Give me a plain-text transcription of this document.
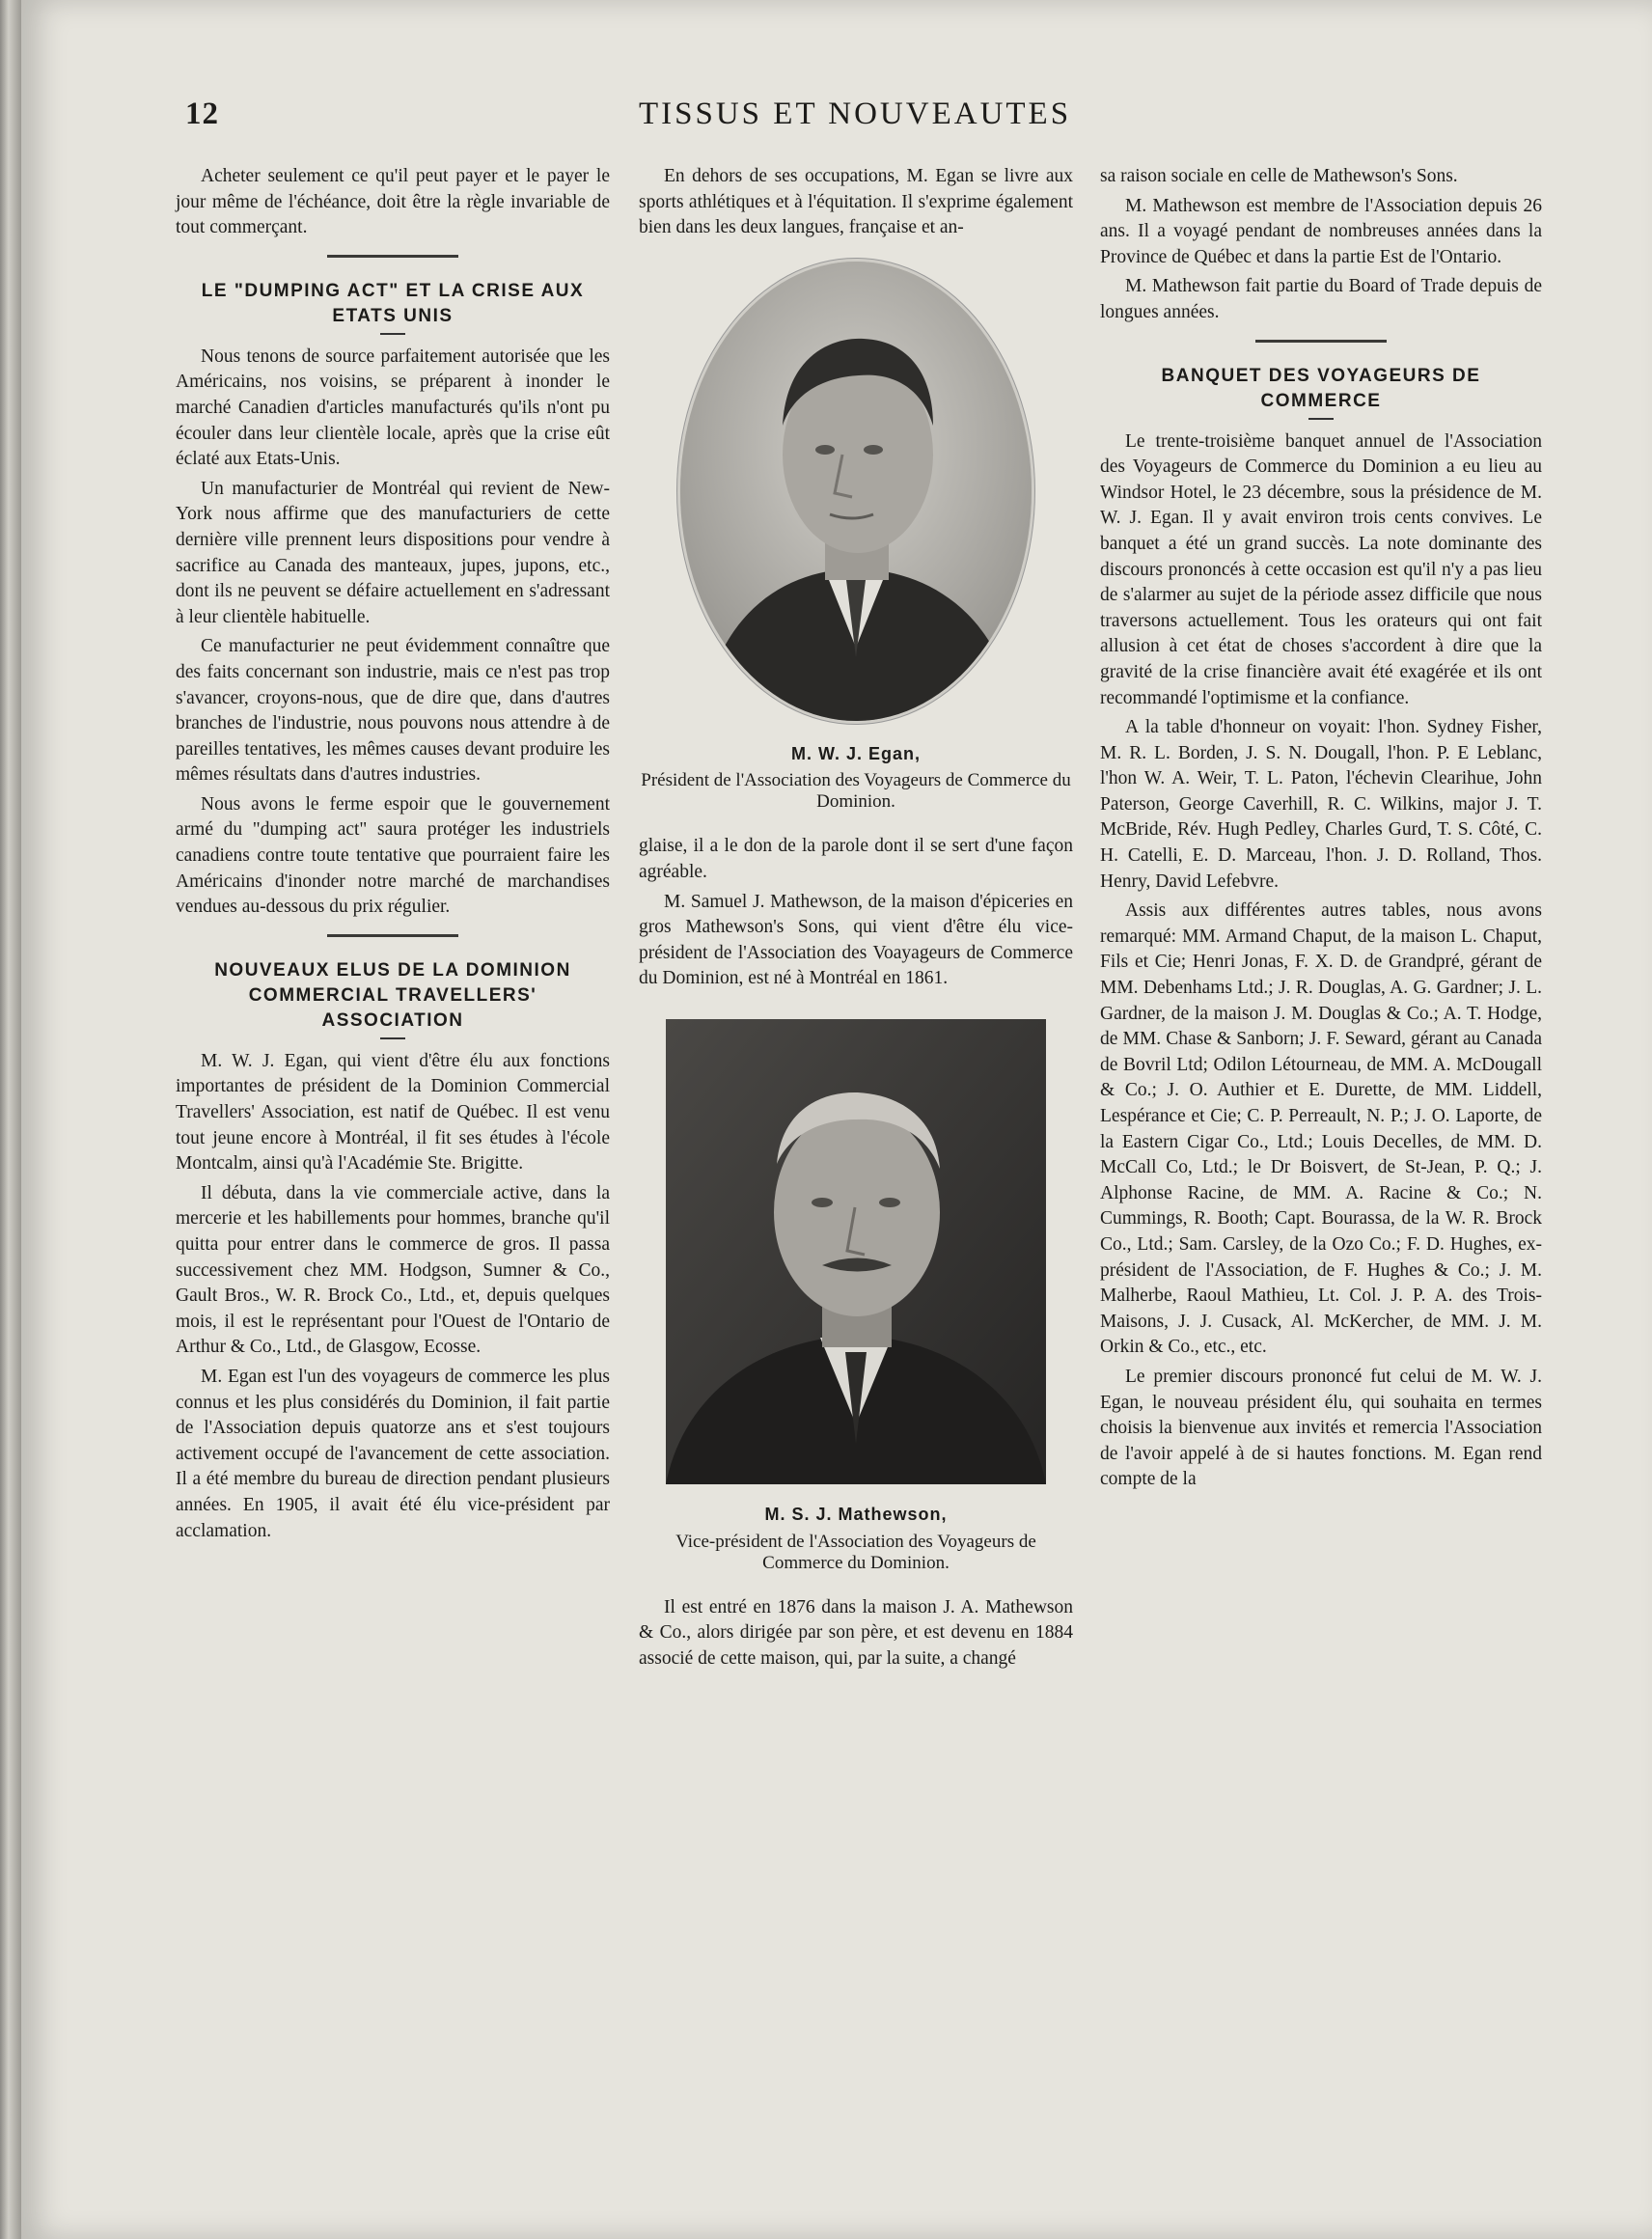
12	TISSUS ET NOUVEAUTES

Acheter seulement ce qu'il peut payer et le payer le jour même de l'échéance, doit être la règle invariable de tout commerçant.

LE "DUMPING ACT" ET LA CRISE AUX ETATS UNIS

Nous tenons de source parfaitement autorisée que les Américains, nos voisins, se préparent à inonder le marché Canadien d'articles manufacturés qu'ils n'ont pu écouler dans leur clientèle locale, après que la crise eût éclaté aux Etats-Unis.

Un manufacturier de Montréal qui revient de New-York nous affirme que des manufacturiers de cette dernière ville prennent leurs dispositions pour vendre à sacrifice au Canada des manteaux, jupes, jupons, etc., dont ils ne peuvent se défaire actuellement en s'adressant à leur clientèle habituelle.

Ce manufacturier ne peut évidemment connaître que des faits concernant son industrie, mais ce n'est pas trop s'avancer, croyons-nous, que de dire que, dans d'autres branches de l'industrie, nous pouvons nous attendre à de pareilles tentatives, les mêmes causes devant produire les mêmes résultats dans d'autres industries.

Nous avons le ferme espoir que le gouvernement armé du "dumping act" saura protéger les industriels canadiens contre toute tentative que pourraient faire les Américains d'inonder notre marché de marchandises vendues au-dessous du prix régulier.

NOUVEAUX ELUS DE LA DOMINION COMMERCIAL TRAVELLERS' ASSOCIATION

M. W. J. Egan, qui vient d'être élu aux fonctions importantes de président de la Dominion Commercial Travellers' Association, est natif de Québec. Il est venu tout jeune encore à Montréal, il fit ses études à l'école Montcalm, ainsi qu'à l'Académie Ste. Brigitte.

Il débuta, dans la vie commerciale active, dans la mercerie et les habillements pour hommes, branche qu'il quitta pour entrer dans le commerce de gros. Il passa successivement chez MM. Hodgson, Sumner & Co., Gault Bros., W. R. Brock Co., Ltd., et, depuis quelques mois, il est le représentant pour l'Ouest de l'Ontario de Arthur & Co., Ltd., de Glasgow, Ecosse.

M. Egan est l'un des voyageurs de commerce les plus connus et les plus considérés du Dominion, il fait partie de l'Association depuis quatorze ans et s'est toujours activement occupé de l'avancement de cette association. Il a été membre du bureau de direction pendant plusieurs années. En 1905, il avait été élu vice-président par acclamation.

En dehors de ses occupations, M. Egan se livre aux sports athlétiques et à l'équitation. Il s'exprime également bien dans les deux langues, française et an-

M. W. J. Egan,
Président de l'Association des Voyageurs de Commerce du Dominion.

glaise, il a le don de la parole dont il se sert d'une façon agréable.

M. Samuel J. Mathewson, de la maison d'épiceries en gros Mathewson's Sons, qui vient d'être élu vice-président de l'Association des Voayageurs de Commerce du Dominion, est né à Montréal en 1861.

M. S. J. Mathewson,
Vice-président de l'Association des Voyageurs de Commerce du Dominion.

Il est entré en 1876 dans la maison J. A. Mathewson & Co., alors dirigée par son père, et est devenu en 1884 associé de cette maison, qui, par la suite, a changé

sa raison sociale en celle de Mathewson's Sons.

M. Mathewson est membre de l'Association depuis 26 ans. Il a voyagé pendant de nombreuses années dans la Province de Québec et dans la partie Est de l'Ontario.

M. Mathewson fait partie du Board of Trade depuis de longues années.

BANQUET DES VOYAGEURS DE COMMERCE

Le trente-troisième banquet annuel de l'Association des Voyageurs de Commerce du Dominion a eu lieu au Windsor Hotel, le 23 décembre, sous la présidence de M. W. J. Egan. Il y avait environ trois cents convives. Le banquet a été un grand succès. La note dominante des discours prononcés à cette occasion est qu'il n'y a pas lieu de s'alarmer au sujet de la période assez difficile que nous traversons actuellement. Tous les orateurs qui ont fait allusion à cet état de choses s'accordent à dire que la gravité de la crise financière avait été exagérée et ils ont recommandé l'optimisme et la confiance.

A la table d'honneur on voyait: l'hon. Sydney Fisher, M. R. L. Borden, J. S. N. Dougall, l'hon. P. E Leblanc, l'hon W. A. Weir, T. L. Paton, l'échevin Clearihue, John Paterson, George Caverhill, R. C. Wilkins, major J. T. McBride, Rév. Hugh Pedley, Charles Gurd, T. S. Côté, C. H. Catelli, E. D. Marceau, l'hon. J. D. Rolland, Thos. Henry, David Lefebvre.

Assis aux différentes autres tables, nous avons remarqué: MM. Armand Chaput, de la maison L. Chaput, Fils et Cie; Henri Jonas, F. X. D. de Grandpré, gérant de MM. Debenhams Ltd.; J. R. Douglas, A. G. Gardner; J. L. Gardner, de la maison J. M. Douglas & Co.; A. T. Hodge, de MM. Chase & Sanborn; J. F. Seward, gérant au Canada de Bovril Ltd; Odilon Létourneau, de MM. A. McDougall & Co.; J. O. Authier et E. Durette, de MM. Liddell, Lespérance et Cie; C. P. Perreault, N. P.; J. O. Laporte, de la Eastern Cigar Co., Ltd.; Louis Decelles, de MM. D. McCall Co, Ltd.; le Dr Boisvert, de St-Jean, P. Q.; J. Alphonse Racine, de MM. A. Racine & Co.; N. Cummings, R. Booth; Capt. Bourassa, de la W. R. Brock Co., Ltd.; Sam. Carsley, de la Ozo Co.; F. D. Hughes, ex-président de l'Association, de F. Hughes & Co.; J. M. Malherbe, Raoul Mathieu, Lt. Col. J. P. A. des Trois-Maisons, J. J. Cusack, Al. McKercher, de MM. J. M. Orkin & Co., etc., etc.

Le premier discours prononcé fut celui de M. W. J. Egan, le nouveau président élu, qui souhaita en termes choisis la bienvenue aux invités et remercia l'Association de l'avoir appelé à de si hautes fonctions. M. Egan rend compte de la
